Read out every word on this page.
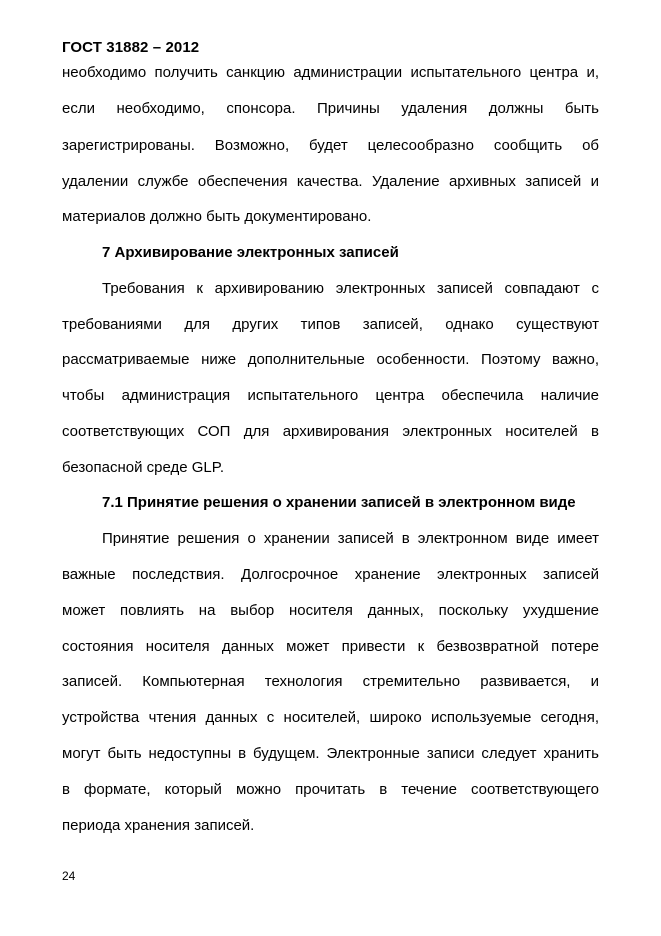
ГОСТ 31882 – 2012
необходимо получить санкцию администрации испытательного центра и,
если необходимо, спонсора. Причины удаления должны быть
зарегистрированы. Возможно, будет целесообразно сообщить об
удалении службе обеспечения качества. Удаление архивных записей и
материалов должно быть документировано.
7 Архивирование электронных записей
Требования к архивированию электронных записей совпадают с
требованиями для других типов записей, однако существуют
рассматриваемые ниже дополнительные особенности. Поэтому важно,
чтобы администрация испытательного центра обеспечила наличие
соответствующих СОП для архивирования электронных носителей в
безопасной среде GLP.
7.1 Принятие решения о хранении записей в электронном виде
Принятие решения о хранении записей в электронном виде имеет
важные последствия. Долгосрочное хранение электронных записей
может повлиять на выбор носителя данных, поскольку ухудшение
состояния носителя данных может привести к безвозвратной потере
записей. Компьютерная технология стремительно развивается, и
устройства чтения данных с носителей, широко используемые сегодня,
могут быть недоступны в будущем. Электронные записи следует хранить
в формате, который можно прочитать в течение соответствующего
периода хранения записей.
24
